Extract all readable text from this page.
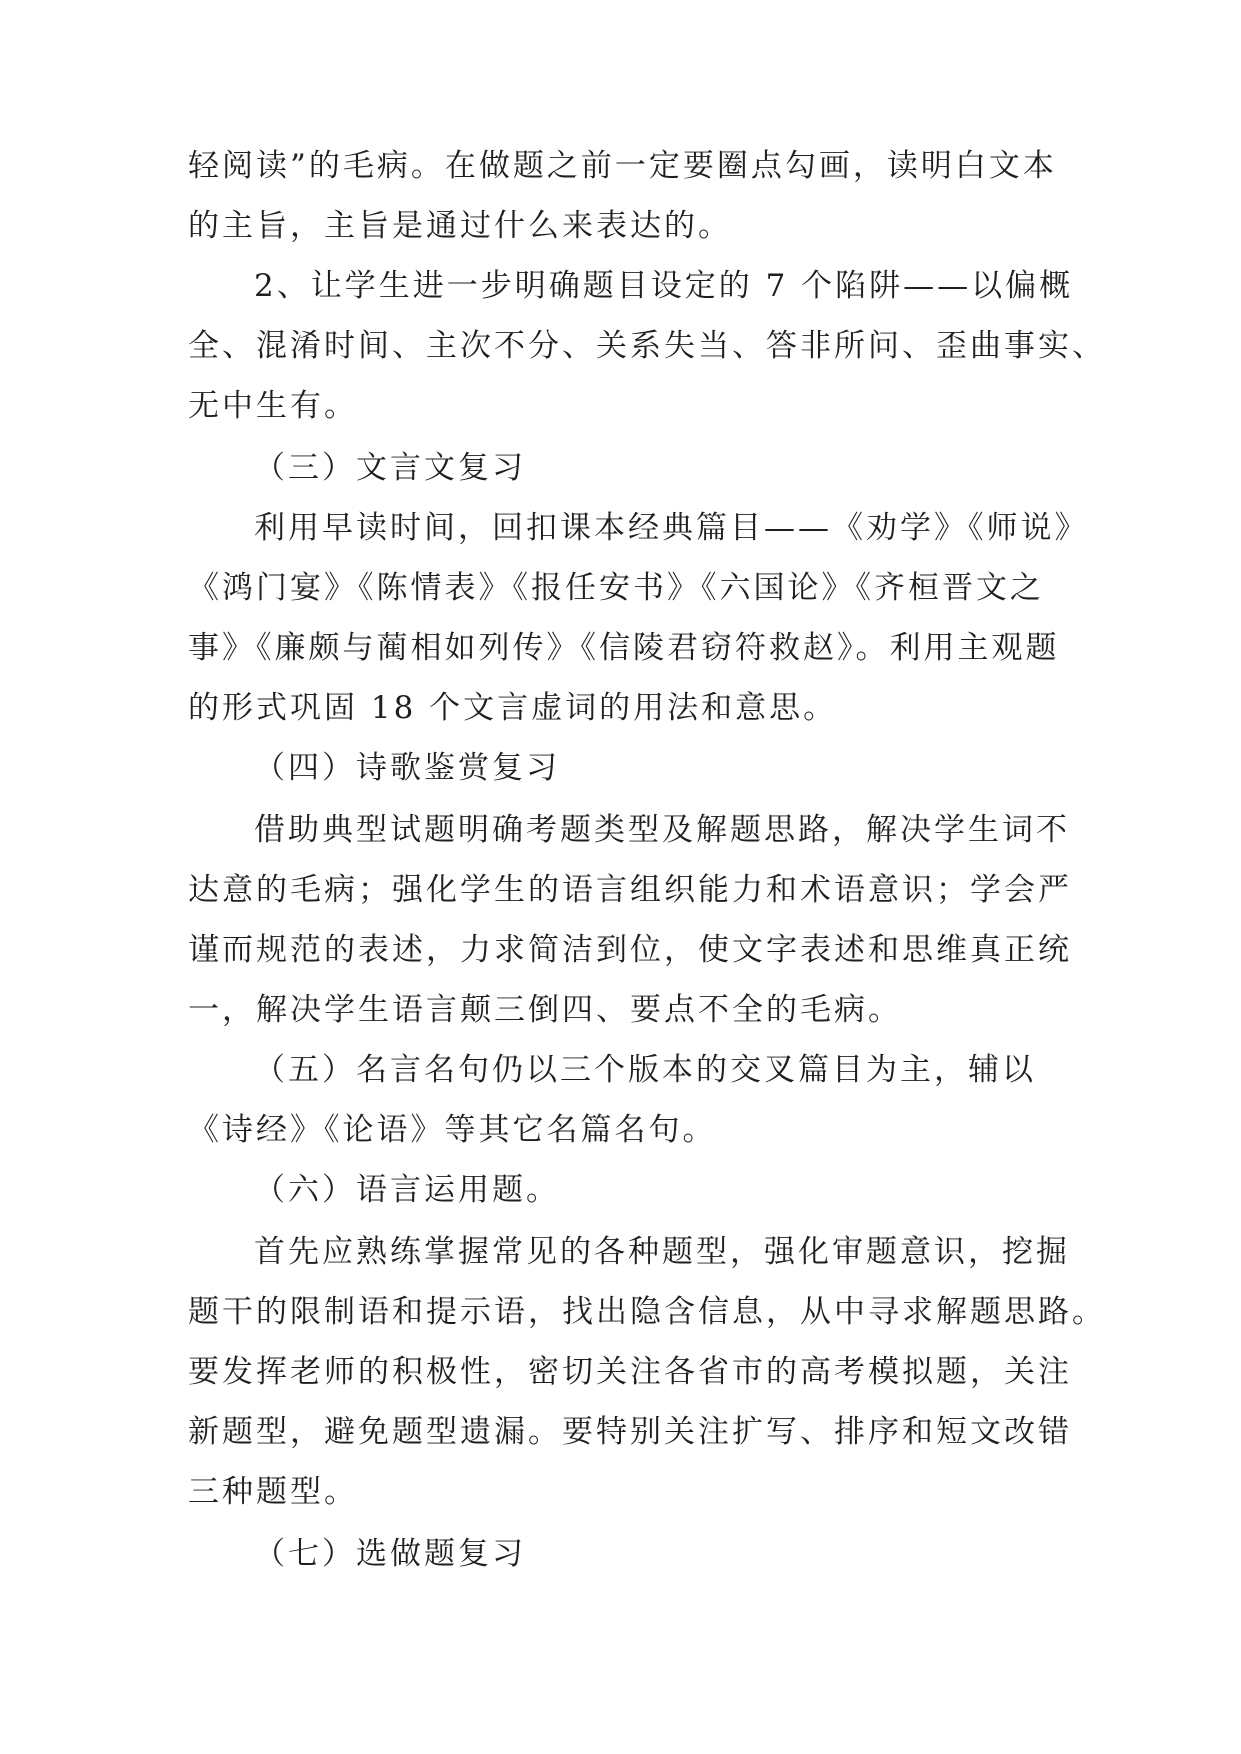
轻阅读”的毛病。在做题之前一定要圈点勾画，读明白文本
的主旨，主旨是通过什么来表达的。
2、让学生进一步明确题目设定的 7 个陷阱——以偏概
全、混淆时间、主次不分、关系失当、答非所问、歪曲事实、
无中生有。
（三）文言文复习
利用早读时间，回扣课本经典篇目——《劝学》《师说》
《鸿门宴》《陈情表》《报任安书》《六国论》《齐桓晋文之
事》《廉颇与蔺相如列传》《信陵君窃符救赵》。利用主观题
的形式巩固 18 个文言虚词的用法和意思。
（四）诗歌鉴赏复习
借助典型试题明确考题类型及解题思路，解决学生词不
达意的毛病；强化学生的语言组织能力和术语意识；学会严
谨而规范的表述，力求简洁到位，使文字表述和思维真正统
一，解决学生语言颠三倒四、要点不全的毛病。
（五）名言名句仍以三个版本的交叉篇目为主，辅以
《诗经》《论语》等其它名篇名句。
（六）语言运用题。
首先应熟练掌握常见的各种题型，强化审题意识，挖掘
题干的限制语和提示语，找出隐含信息，从中寻求解题思路。
要发挥老师的积极性，密切关注各省市的高考模拟题，关注
新题型，避免题型遗漏。要特别关注扩写、排序和短文改错
三种题型。
（七）选做题复习
